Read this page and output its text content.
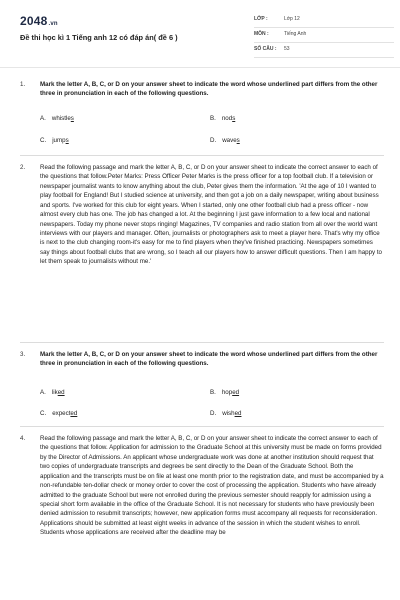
2048.vn
Đề thi học kì 1 Tiếng anh 12 có đáp án( đề 6 )
LỚP :	Lớp 12
MÔN :	Tiếng Anh
SỐ CÂU : 53
1. Mark the letter A, B, C, or D on your answer sheet to indicate the word whose underlined part differs from the other three in pronunciation in each of the following questions.
A. whistles	B. nods
C. jumps	D. waves
2. Read the following passage and mark the letter A, B, C, or D on your answer sheet to indicate the correct answer to each of the questions that follow.Peter Marks: Press Officer Peter Marks is the press officer for a top football club. If a television or newspaper journalist wants to know anything about the club, Peter gives them the information. 'At the age of 10 I wanted to play football for England! But I studied science at university, and then got a job on a daily newspaper, writing about business and sports. I've worked for this club for eight years. When I started, only one other football club had a press officer - now almost every club has one. The job has changed a lot. At the beginning I just gave information to a few local and national newspapers. Today my phone never stops ringing! Magazines, TV companies and radio station from all over the world want interviews with our players and manager. Often, journalists or photographers ask to meet a player here. That's why my office is next to the club changing room-it's easy for me to find players when they've finished practicing. Newspapers sometimes say things about football clubs that are wrong, so I teach all our players how to answer difficult questions. Then I am happy to let them speak to journalists without me.'
3. Mark the letter A, B, C, or D on your answer sheet to indicate the word whose underlined part differs from the other three in pronunciation in each of the following questions.
A. liked	B. hoped
C. expected	D. wished
4. Read the following passage and mark the letter A, B, C, or D on your answer sheet to indicate the correct answer to each of the questions that follow. Application for admission to the Graduate School at this university must be made on forms provided by the Director of Admissions. An applicant whose undergraduate work was done at another institution should request that two copies of undergraduate transcripts and degrees be sent directly to the Dean of the Graduate School. Both the application and the transcripts must be on file at least one month prior to the registration date, and must be accompanied by a non-refundable ten-dollar check or money order to cover the cost of processing the application. Students who have already admitted to the graduate School but were not enrolled during the previous semester should reapply for admission using a special short form available in the office of the Graduate School. It is not necessary for students who have previously been denied admission to resubmit transcripts; however, new application forms must accompany all requests for reconsideration. Applications should be submitted at least eight weeks in advance of the session in which the student wishes to enroll. Students whose applications are received after the deadline may be
